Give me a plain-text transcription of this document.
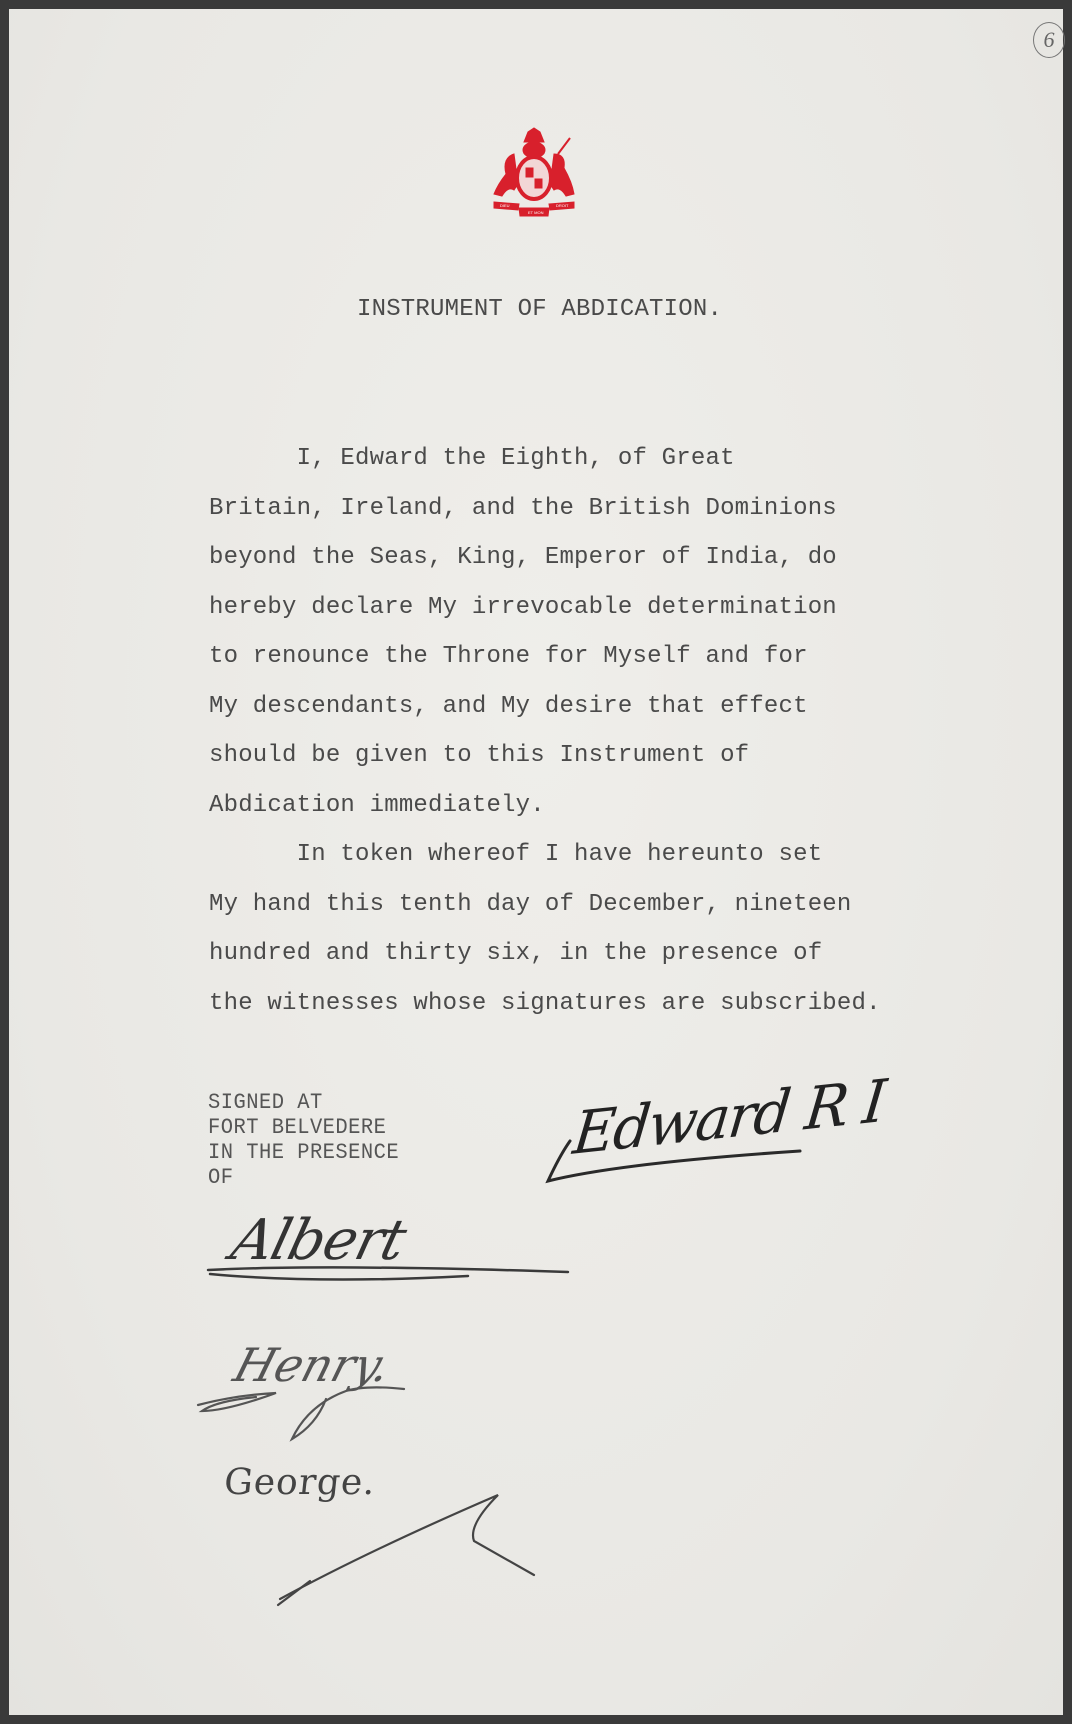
6
DIEU
ET MON
DROIT
INSTRUMENT OF ABDICATION.
I, Edward the Eighth, of Great
Britain, Ireland, and the British Dominions
beyond the Seas, King, Emperor of India, do
hereby declare My irrevocable determination
to renounce the Throne for Myself and for
My descendants, and My desire that effect
should be given to this Instrument of
Abdication immediately.
In token whereof I have hereunto set
My hand this tenth day of December, nineteen
hundred and thirty six, in the presence of
the witnesses whose signatures are subscribed.
SIGNED AT
FORT BELVEDERE
IN THE PRESENCE
OF
Edward R I
Albert
Henry.
George.
